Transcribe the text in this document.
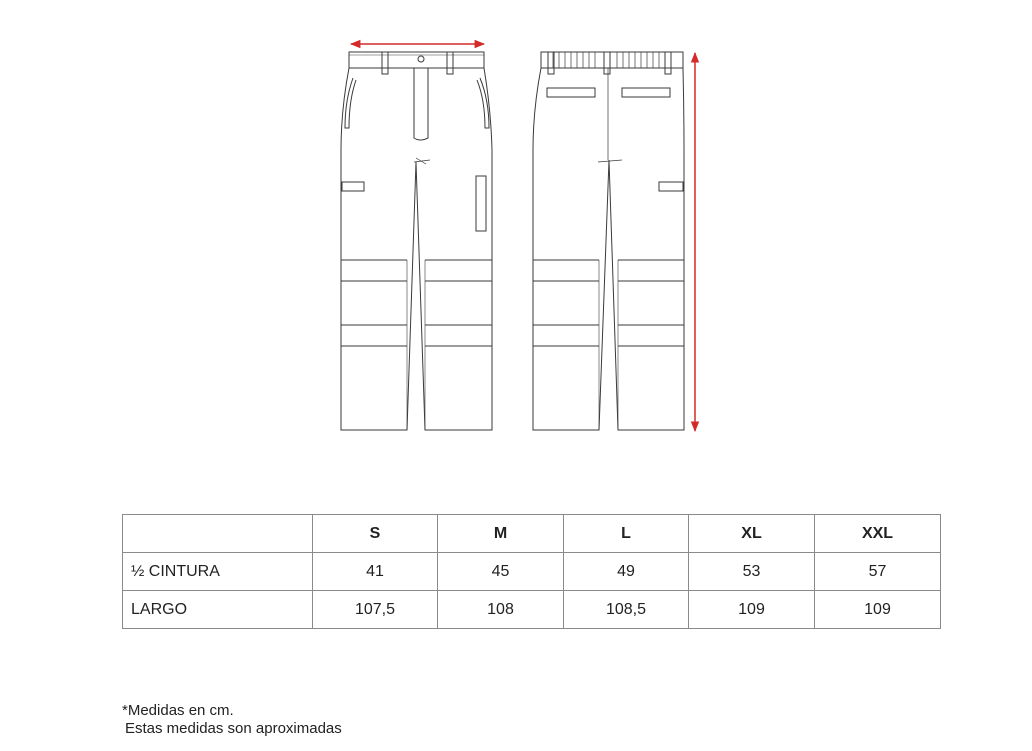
	S	M	L	XL	XXL
½ CINTURA	41	45	49	53	57
LARGO	107,5	108	108,5	109	109
*Medidas en cm.
Estas medidas son aproximadas
